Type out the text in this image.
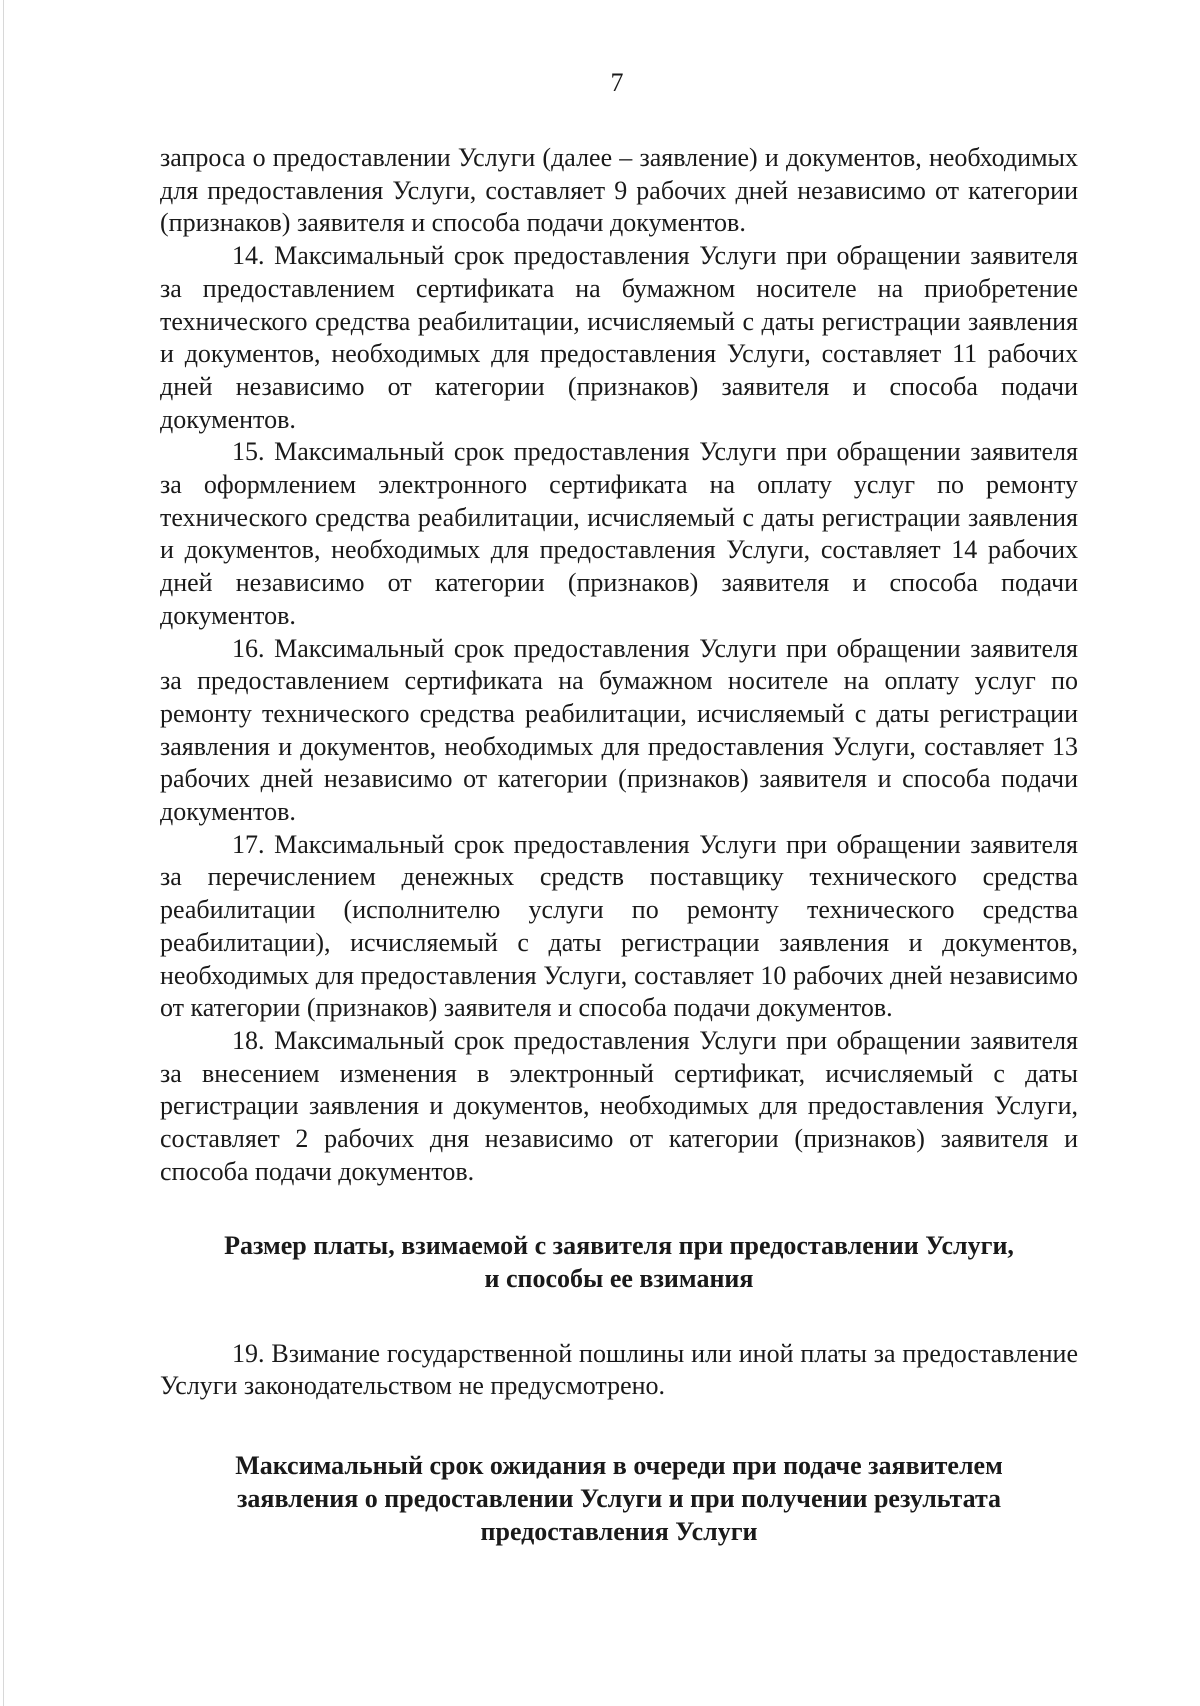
7

запроса о предоставлении Услуги (далее – заявление) и документов, необходимых для предоставления Услуги, составляет 9 рабочих дней независимо от категории (признаков) заявителя и способа подачи документов.

14. Максимальный срок предоставления Услуги при обращении заявителя за предоставлением сертификата на бумажном носителе на приобретение технического средства реабилитации, исчисляемый с даты регистрации заявления и документов, необходимых для предоставления Услуги, составляет 11 рабочих дней независимо от категории (признаков) заявителя и способа подачи документов.

15. Максимальный срок предоставления Услуги при обращении заявителя за оформлением электронного сертификата на оплату услуг по ремонту технического средства реабилитации, исчисляемый с даты регистрации заявления и документов, необходимых для предоставления Услуги, составляет 14 рабочих дней независимо от категории (признаков) заявителя и способа подачи документов.

16. Максимальный срок предоставления Услуги при обращении заявителя за предоставлением сертификата на бумажном носителе на оплату услуг по ремонту технического средства реабилитации, исчисляемый с даты регистрации заявления и документов, необходимых для предоставления Услуги, составляет 13 рабочих дней независимо от категории (признаков) заявителя и способа подачи документов.

17. Максимальный срок предоставления Услуги при обращении заявителя за перечислением денежных средств поставщику технического средства реабилитации (исполнителю услуги по ремонту технического средства реабилитации), исчисляемый с даты регистрации заявления и документов, необходимых для предоставления Услуги, составляет 10 рабочих дней независимо от категории (признаков) заявителя и способа подачи документов.

18. Максимальный срок предоставления Услуги при обращении заявителя за внесением изменения в электронный сертификат, исчисляемый с даты регистрации заявления и документов, необходимых для предоставления Услуги, составляет 2 рабочих дня независимо от категории (признаков) заявителя и способа подачи документов.

Размер платы, взимаемой с заявителя при предоставлении Услуги,
и способы ее взимания

19. Взимание государственной пошлины или иной платы за предоставление Услуги законодательством не предусмотрено.

Максимальный срок ожидания в очереди при подаче заявителем
заявления о предоставлении Услуги и при получении результата
предоставления Услуги
